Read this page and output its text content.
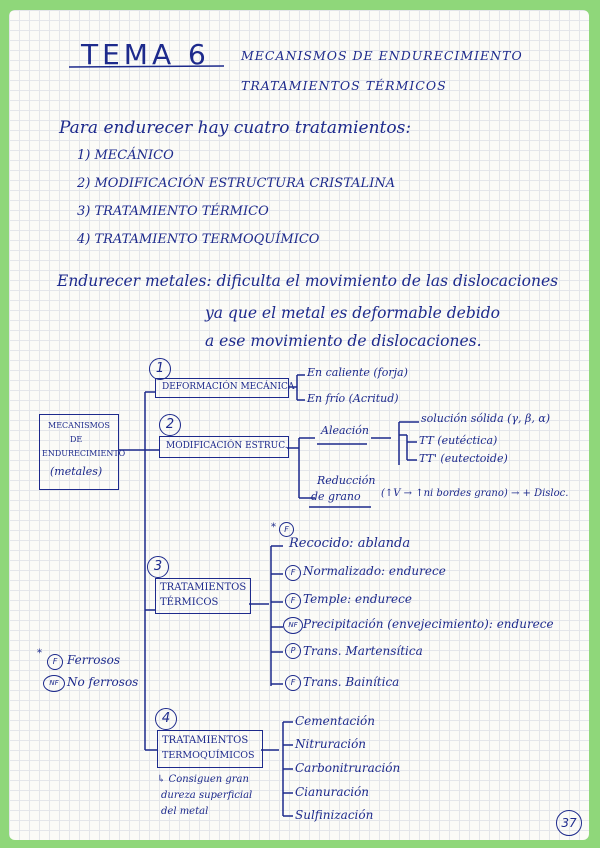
TEMA 6 MECANISMOS DE ENDURECIMIENTO
TRATAMIENTOS TÉRMICOS
Para endurecer hay cuatro tratamientos:
1) MECÁNICO
2) MODIFICACIÓN ESTRUCTURA CRISTALINA
3) TRATAMIENTO TÉRMICO
4) TRATAMIENTO TERMOQUÍMICO
Endurecer metales: dificulta el movimiento de las dislocaciones
ya que el metal es deformable debido
a ese movimiento de dislocaciones.
MECANISMOS
DE
ENDURECIMIENTO
(metales)
1
DEFORMACIÓN MECÁNICA
En caliente (forja)
En frío (Acritud)
2
MODIFICACIÓN ESTRUC.
Aleación
solución sólida (γ, β, α)
TT (eutéctica)
TT' (eutectoide)
Reducción
de grano (↑V → ↑ni bordes grano) → + Disloc.
*	F
Recocido: ablanda
3
TRATAMIENTOS
TÉRMICOS
F Normalizado: endurece
F Temple: endurece
NF Precipitación (envejecimiento): endurece
P Trans. Martensítica
F Trans. Bainítica
*
F Ferrosos
NF No ferrosos
4
TRATAMIENTOS
TERMOQUÍMICOS
↳ Consiguen gran
dureza superficial
del metal
Cementación
Nitruración
Carbonitruración
Cianuración
Sulfinización
37
